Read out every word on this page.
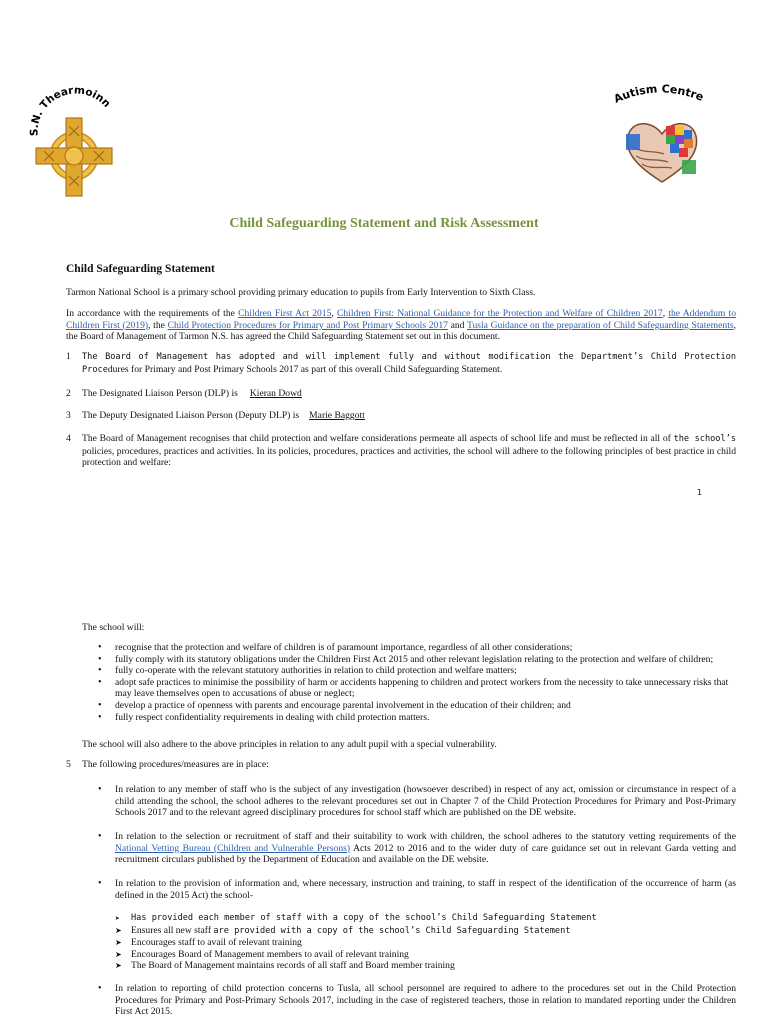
S.N. Thearmoinn	Autism Centre
Child Safeguarding Statement and Risk Assessment
Child Safeguarding Statement
Tarmon National School is a primary school providing primary education to pupils from Early Intervention to Sixth Class.
In accordance with the requirements of the Children First Act 2015, Children First: National Guidance for the Protection and Welfare of Children 2017, the Addendum to Children First (2019), the Child Protection Procedures for Primary and Post Primary Schools 2017 and Tusla Guidance on the preparation of Child Safeguarding Statements, the Board of Management of Tarmon N.S. has agreed the Child Safeguarding Statement set out in this document.
1 The Board of Management has adopted and will implement fully and without modification the Department’s Child Protection Procedures for Primary and Post Primary Schools 2017 as part of this overall Child Safeguarding Statement.
2 The Designated Liaison Person (DLP) is Kieran Dowd
3 The Deputy Designated Liaison Person (Deputy DLP) is Marie Baggott
4 The Board of Management recognises that child protection and welfare considerations permeate all aspects of school life and must be reflected in all of the school’s policies, procedures, practices and activities. In its policies, procedures, practices and activities, the school will adhere to the following principles of best practice in child protection and welfare:
1
The school will:
• recognise that the protection and welfare of children is of paramount importance, regardless of all other considerations;
• fully comply with its statutory obligations under the Children First Act 2015 and other relevant legislation relating to the protection and welfare of children;
• fully co-operate with the relevant statutory authorities in relation to child protection and welfare matters;
• adopt safe practices to minimise the possibility of harm or accidents happening to children and protect workers from the necessity to take unnecessary risks that may leave themselves open to accusations of abuse or neglect;
• develop a practice of openness with parents and encourage parental involvement in the education of their children; and
• fully respect confidentiality requirements in dealing with child protection matters.
The school will also adhere to the above principles in relation to any adult pupil with a special vulnerability.
5 The following procedures/measures are in place:
• In relation to any member of staff who is the subject of any investigation (howsoever described) in respect of any act, omission or circumstance in respect of a child attending the school, the school adheres to the relevant procedures set out in Chapter 7 of the Child Protection Procedures for Primary and Post-Primary Schools 2017 and to the relevant agreed disciplinary procedures for school staff which are published on the DE website.
• In relation to the selection or recruitment of staff and their suitability to work with children, the school adheres to the statutory vetting requirements of the National Vetting Bureau (Children and Vulnerable Persons) Acts 2012 to 2016 and to the wider duty of care guidance set out in relevant Garda vetting and recruitment circulars published by the Department of Education and available on the DE website.
• In relation to the provision of information and, where necessary, instruction and training, to staff in respect of the identification of the occurrence of harm (as defined in the 2015 Act) the school-
➤ Has provided each member of staff with a copy of the school’s Child Safeguarding Statement
➤ Ensures all new staff are provided with a copy of the school’s Child Safeguarding Statement
➤ Encourages staff to avail of relevant training
➤ Encourages Board of Management members to avail of relevant training
➤ The Board of Management maintains records of all staff and Board member training
• In relation to reporting of child protection concerns to Tusla, all school personnel are required to adhere to the procedures set out in the Child Protection Procedures for Primary and Post-Primary Schools 2017, including in the case of registered teachers, those in relation to mandated reporting under the Children First Act 2015.
